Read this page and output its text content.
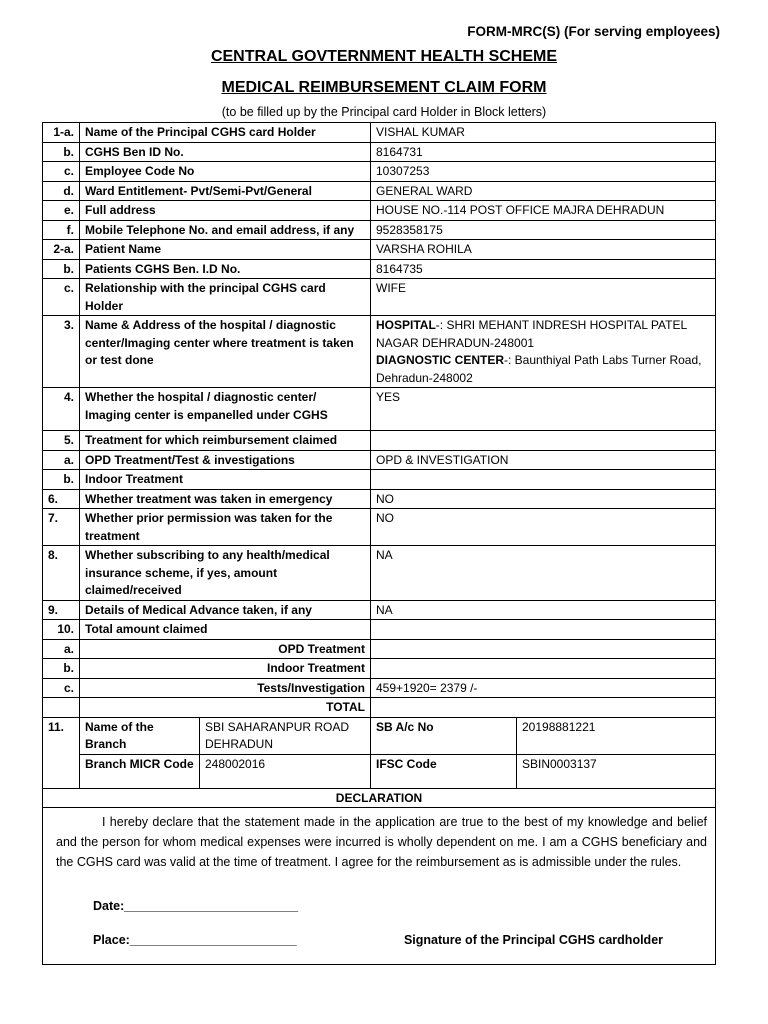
FORM-MRC(S) (For serving employees)
CENTRAL GOVTERNMENT HEALTH SCHEME
MEDICAL REIMBURSEMENT CLAIM FORM
(to be filled up by the Principal card Holder in Block letters)
1-a.	Name of the Principal CGHS card Holder		VISHAL KUMAR	
b.	CGHS Ben ID No.		8164731	
c.	Employee Code No		10307253	
d.	Ward Entitlement- Pvt/Semi-Pvt/General		GENERAL WARD	
e.	Full address		HOUSE NO.-114 POST OFFICE MAJRA DEHRADUN	
f.	Mobile Telephone No. and email address, if any		9528358175	
2-a.	Patient Name		VARSHA ROHILA	
b.	Patients CGHS Ben. I.D No.		8164735	
c.	Relationship with the principal CGHS card Holder		WIFE	
3.	Name & Address of the hospital / diagnostic center/Imaging center where treatment is taken or test done		HOSPITAL-: SHRI MEHANT INDRESH HOSPITAL PATEL NAGAR DEHRADUN-248001
DIAGNOSTIC CENTER-: Baunthiyal Path Labs Turner Road, Dehradun-248002	
4.	Whether the hospital / diagnostic center/ Imaging center is empanelled under CGHS		YES	
5.	Treatment for which reimbursement claimed			
a.	OPD Treatment/Test & investigations		OPD & INVESTIGATION	
b.	Indoor Treatment			
6.	Whether treatment was taken in emergency		NO	
7.	Whether prior permission was taken for the treatment		NO	
8.	Whether subscribing to any health/medical insurance scheme, if yes, amount claimed/received		NA	
9.	Details of Medical Advance taken, if any		NA	
10.	Total amount claimed			
a.	OPD Treatment			
b.	Indoor Treatment			
c.	Tests/Investigation		459+1920= 2379 /-	
	TOTAL			
11.	Name of the Branch	SBI SAHARANPUR ROAD DEHRADUN	SB A/c No	20198881221
	Branch MICR Code	248002016	IFSC Code	SBIN0003137
DECLARATION				

I hereby declare that the statement made in the application are true to the best of my knowledge and belief and the person for whom medical expenses were incurred is wholly dependent on me. I am a CGHS beneficiary and the CGHS card was valid at the time of treatment. I agree for the reimbursement as is admissible under the rules.
Date:_________________________
Place:________________________ Signature of the Principal CGHS cardholder				
